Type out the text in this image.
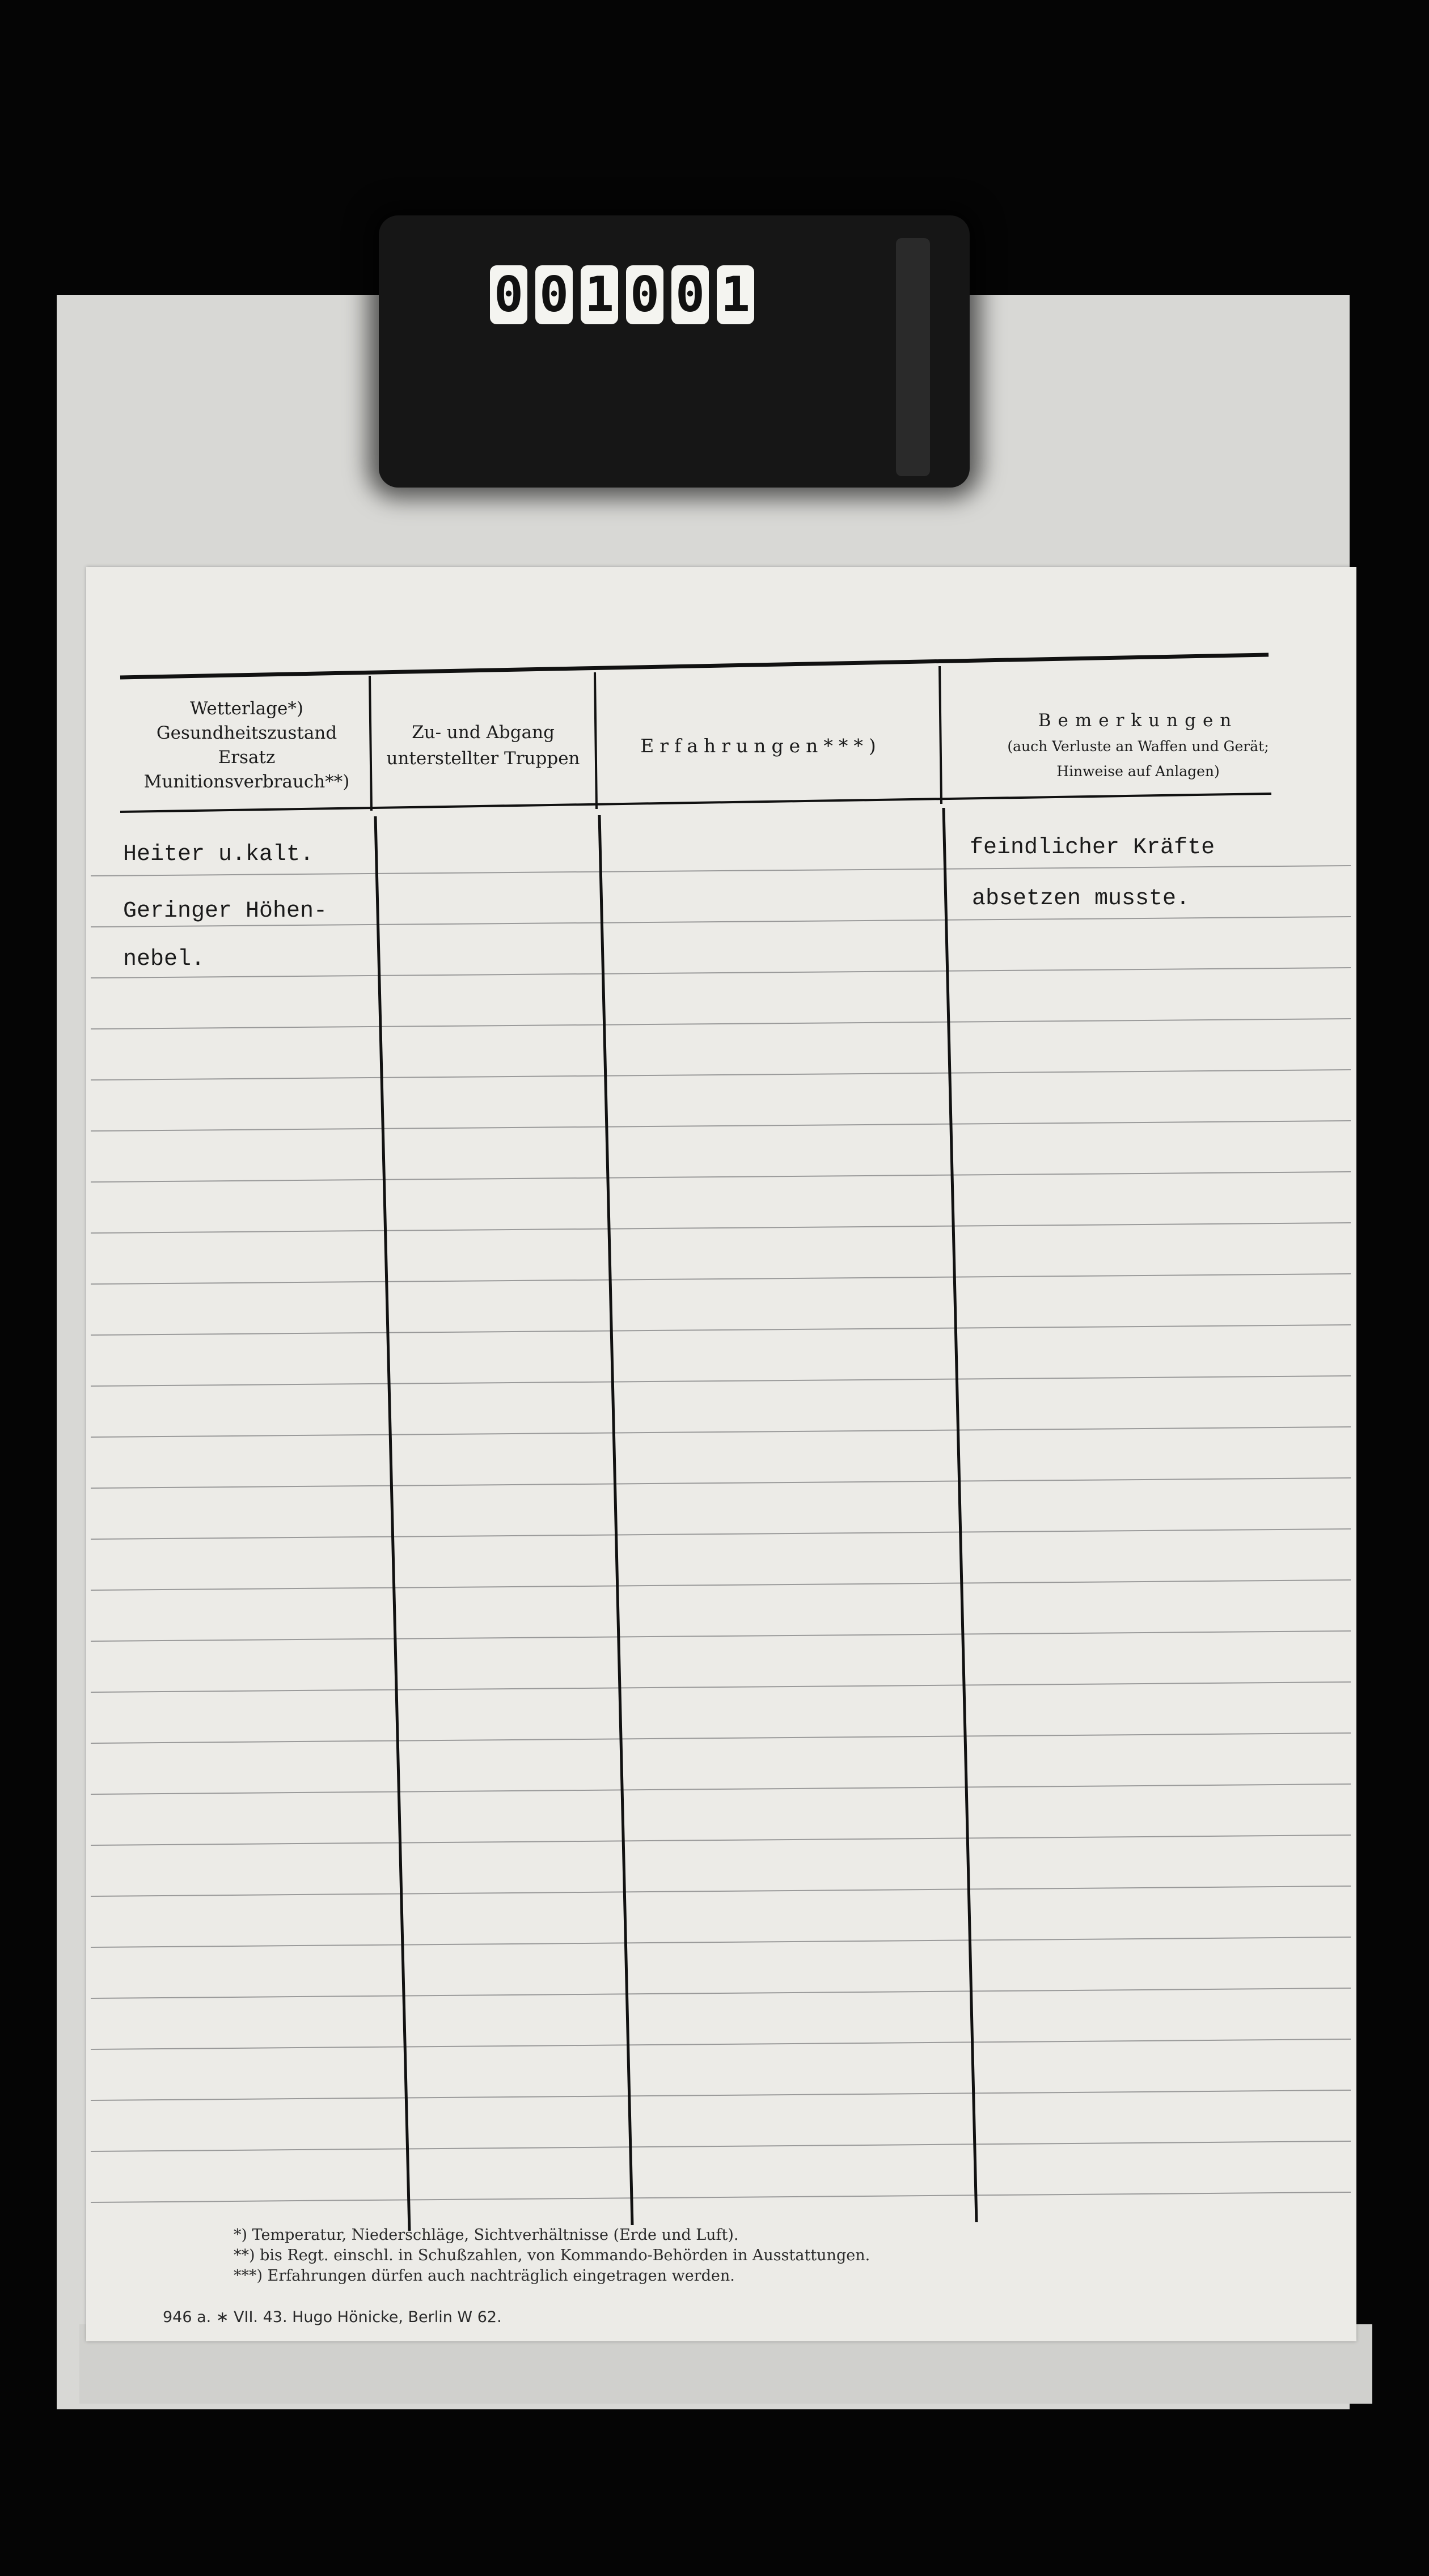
0 0 1 0 0 1
Wetterlage*)
Gesundheitszustand
Ersatz
Munitionsverbrauch**)
Zu- und Abgang
unterstellter Truppen
Erfahrungen***)
Bemerkungen
(auch Verluste an Waffen und Gerät;
Hinweise auf Anlagen)
Heiter u.kalt.
Geringer Höhen-
nebel.
feindlicher Kräfte
absetzen musste.
*) Temperatur, Niederschläge, Sichtverhältnisse (Erde und Luft).
**) bis Regt. einschl. in Schußzahlen, von Kommando-Behörden in Ausstattungen.
***) Erfahrungen dürfen auch nachträglich eingetragen werden.
946 a. ∗ VII. 43. Hugo Hönicke, Berlin W 62.
